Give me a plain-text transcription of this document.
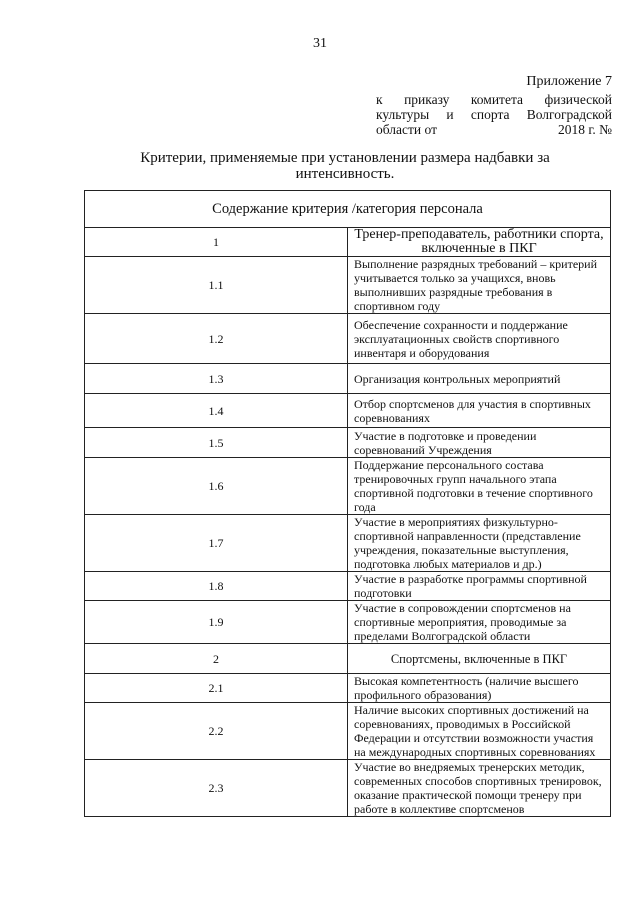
31
Приложение 7
к приказу комитета физической
культуры и спорта Волгоградской
области от	2018 г. №
Критерии, применяемые при установлении размера надбавки за
интенсивность.
Содержание критерия /категория персонала	
1	Тренер-преподаватель, работники спорта, включенные в ПКГ
1.1	Выполнение разрядных требований – критерий учитывается только за учащихся, вновь выполнивших разрядные требования в спортивном году
1.2	Обеспечение сохранности и поддержание эксплуатационных свойств спортивного инвентаря и оборудования
1.3	Организация контрольных мероприятий
1.4	Отбор спортсменов для участия в спортивных соревнованиях
1.5	Участие в подготовке и проведении соревнований Учреждения
1.6	Поддержание персонального состава тренировочных групп начального этапа спортивной подготовки в течение спортивного года
1.7	Участие в мероприятиях физкультурно-спортивной направленности (представление учреждения, показательные выступления, подготовка любых материалов и др.)
1.8	Участие в разработке программы спортивной подготовки
1.9	Участие в сопровождении спортсменов на спортивные мероприятия, проводимые за пределами Волгоградской области
2	Спортсмены, включенные в ПКГ
2.1	Высокая компетентность (наличие высшего профильного образования)
2.2	Наличие высоких спортивных достижений на соревнованиях, проводимых в Российской Федерации и отсутствии возможности участия на международных спортивных соревнованиях
2.3	Участие во внедряемых тренерских методик, современных способов спортивных тренировок, оказание практической помощи тренеру при работе в коллективе спортсменов
